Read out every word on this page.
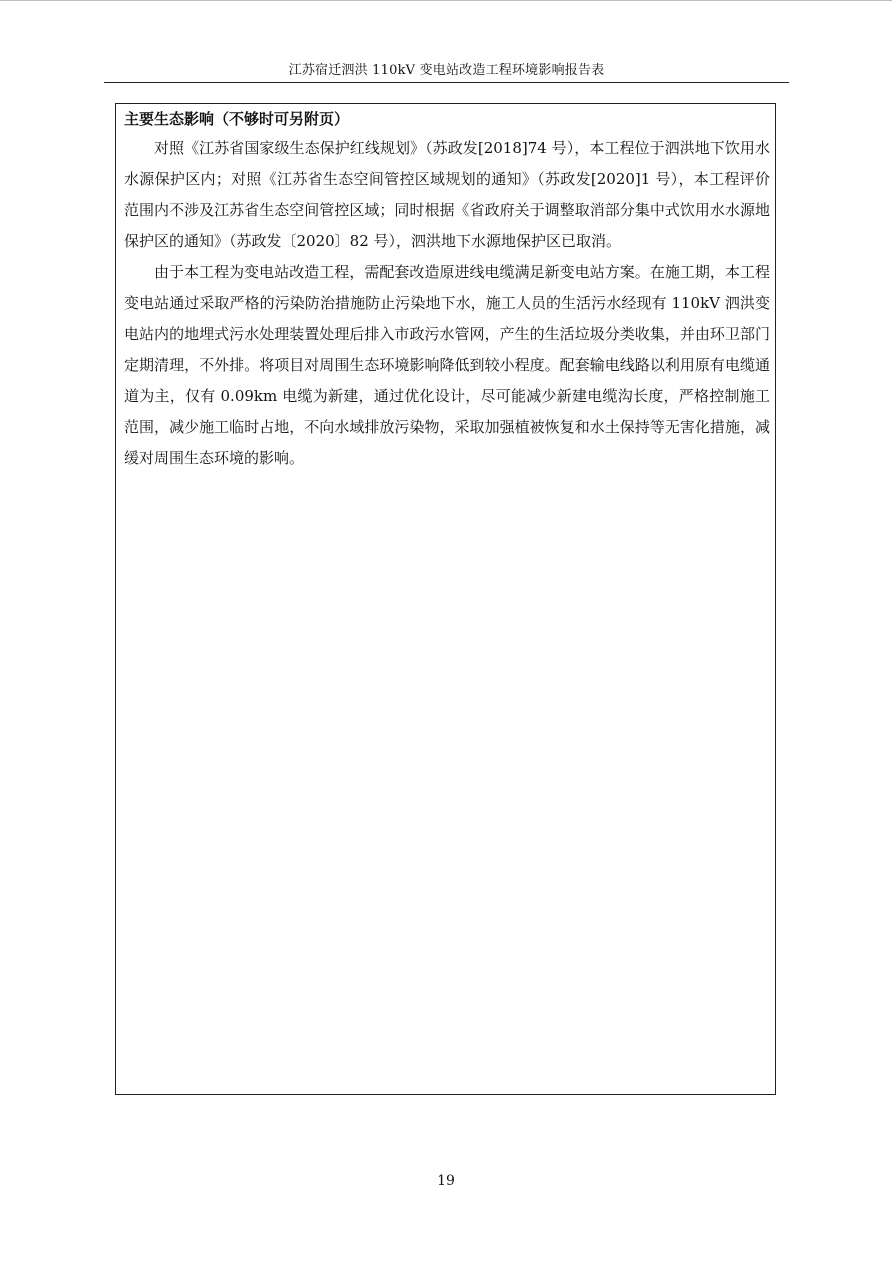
江苏宿迁泗洪 110kV 变电站改造工程环境影响报告表
主要生态影响（不够时可另附页）

对照《江苏省国家级生态保护红线规划》（苏政发[2018]74 号），本工程位于泗洪地下饮用水水源保护区内；对照《江苏省生态空间管控区域规划的通知》（苏政发[2020]1 号），本工程评价范围内不涉及江苏省生态空间管控区域；同时根据《省政府关于调整取消部分集中式饮用水水源地保护区的通知》（苏政发〔2020〕82 号），泗洪地下水源地保护区已取消。

由于本工程为变电站改造工程，需配套改造原进线电缆满足新变电站方案。在施工期，本工程变电站通过采取严格的污染防治措施防止污染地下水，施工人员的生活污水经现有 110kV 泗洪变电站内的地埋式污水处理装置处理后排入市政污水管网，产生的生活垃圾分类收集，并由环卫部门定期清理，不外排。将项目对周围生态环境影响降低到较小程度。配套输电线路以利用原有电缆通道为主，仅有 0.09km 电缆为新建，通过优化设计，尽可能减少新建电缆沟长度，严格控制施工范围，减少施工临时占地，不向水域排放污染物，采取加强植被恢复和水土保持等无害化措施，减缓对周围生态环境的影响。

19
